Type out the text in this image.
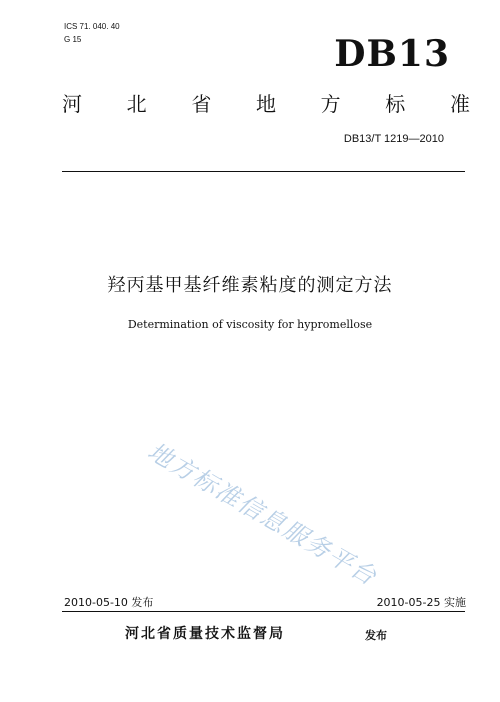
ICS 71. 040. 40
G 15	DB13
河 北 省 地 方 标 准
DB13/T 1219—2010
羟丙基甲基纤维素粘度的测定方法
Determination of viscosity for hypromellose
地方标准信息服务平台
2010-05-10 发布	2010-05-25 实施
河北省质量技术监督局	发布
